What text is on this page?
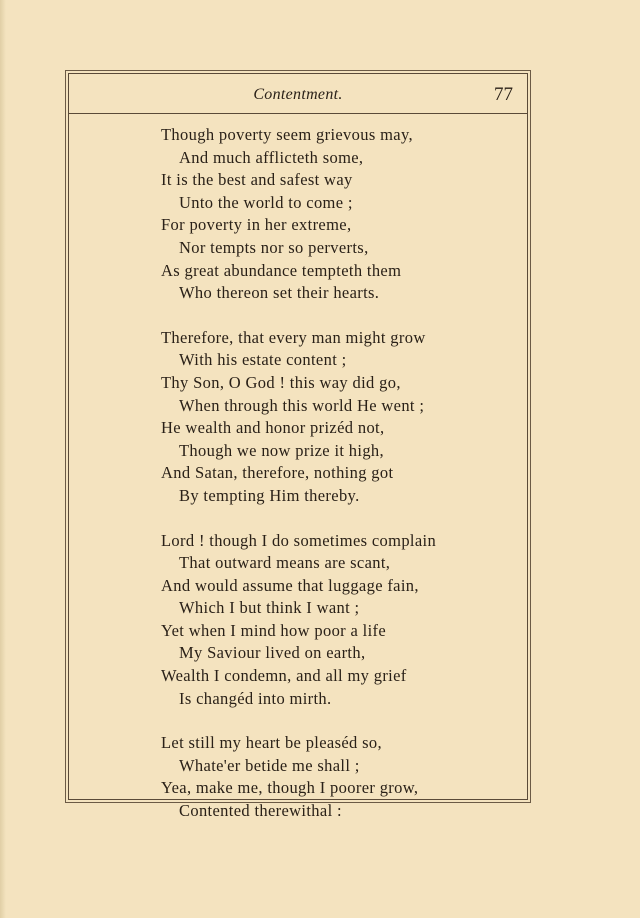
Contentment.	77
Though poverty seem grievous may,
And much afflicteth some,
It is the best and safest way
Unto the world to come ;
For poverty in her extreme,
Nor tempts nor so perverts,
As great abundance tempteth them
Who thereon set their hearts.
Therefore, that every man might grow
With his estate content ;
Thy Son, O God ! this way did go,
When through this world He went ;
He wealth and honor prizéd not,
Though we now prize it high,
And Satan, therefore, nothing got
By tempting Him thereby.
Lord ! though I do sometimes complain
That outward means are scant,
And would assume that luggage fain,
Which I but think I want ;
Yet when I mind how poor a life
My Saviour lived on earth,
Wealth I condemn, and all my grief
Is changéd into mirth.
Let still my heart be pleaséd so,
Whate'er betide me shall ;
Yea, make me, though I poorer grow,
Contented therewithal :
